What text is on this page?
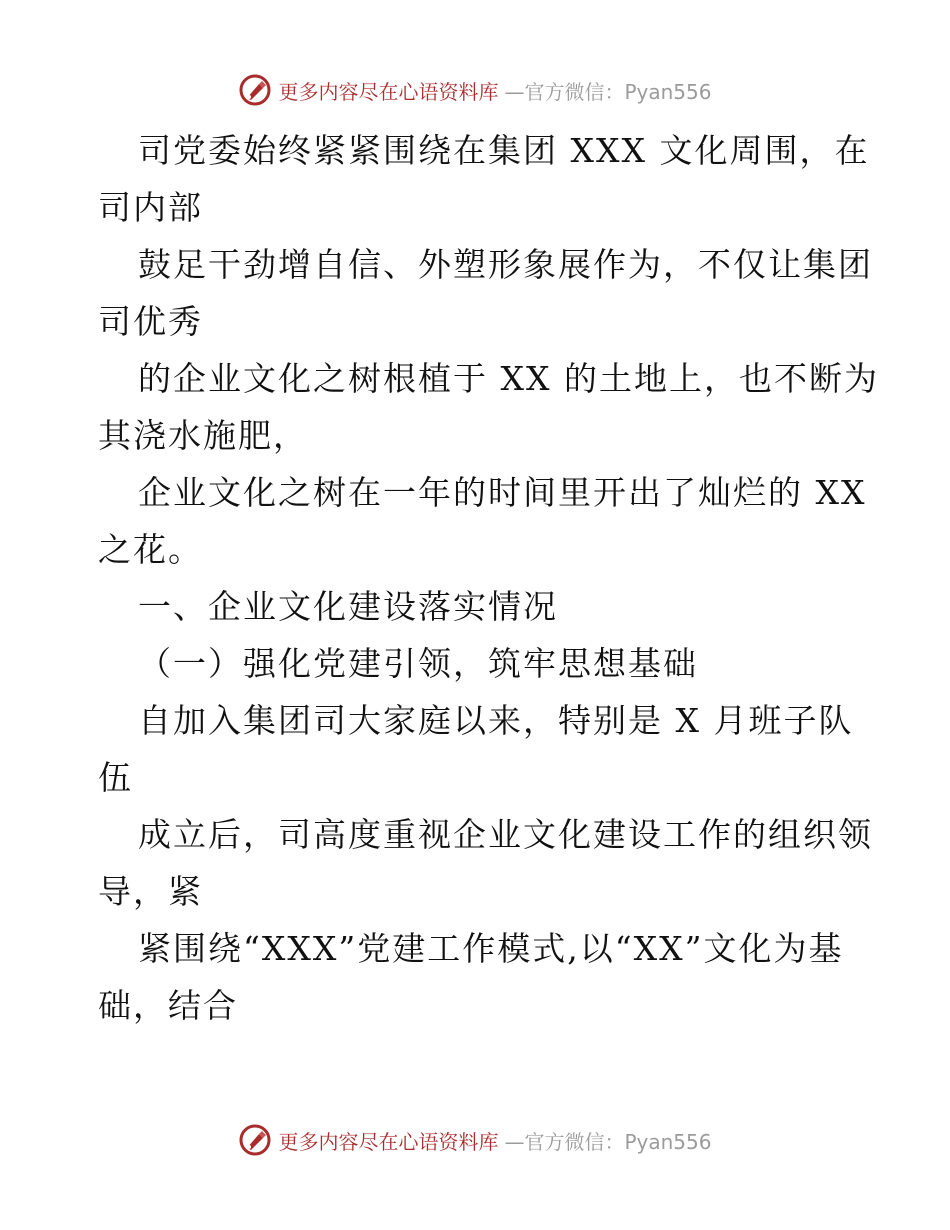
更多内容尽在心语资料库 —官方微信：Pyan556
司党委始终紧紧围绕在集团 XXX 文化周围，在
司内部
鼓足干劲增自信、外塑形象展作为，不仅让集团
司优秀
的企业文化之树根植于 XX 的土地上，也不断为
其浇水施肥，
企业文化之树在一年的时间里开出了灿烂的 XX
之花。
一、企业文化建设落实情况
（一）强化党建引领，筑牢思想基础
自加入集团司大家庭以来，特别是 X 月班子队
伍
成立后，司高度重视企业文化建设工作的组织领
导，紧
紧围绕“XXX”党建工作模式,以“XX”文化为基
础，结合
更多内容尽在心语资料库 —官方微信：Pyan556
